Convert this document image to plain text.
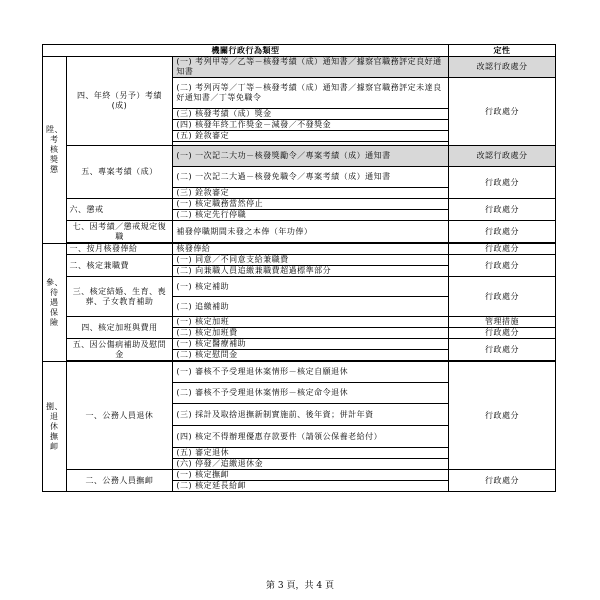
機關行政行為類型			定性
陞、考核獎懲	四、年終（另予）考績(成)	(一) 考列甲等／乙等－核發考績（成）通知書／據察官職務評定良好通知書	改認行政處分
		(二) 考列丙等／丁等－核發考績（成）通知書／據察官職務評定未達良好通知書／丁等免職令	行政處分
		(三) 核發考績（成）獎金	
		(四) 核發年終工作獎金－減發／不發獎金	
		(五) 銓敘審定	

	五、專案考績（成）	(一) 一次記二大功－核發獎勵令／專案考績（成）通知書	改認行政處分
		(二) 一次記二大過－核發免職令／專案考績（成）通知書	行政處分
		(三) 銓敘審定	
	六、懲戒	(一) 核定職務當然停止	行政處分
		(二) 核定先行停職	
	七、因考績／懲戒規定復職	補發停職期間未發之本俸（年功俸）	行政處分

參、待遇保險	一、按月核發俸給	核發俸給	行政處分
	二、核定兼職費	(一) 同意／不同意支給兼職費	行政處分
		(二) 向兼職人員追繳兼職費超過標準部分	
	三、核定結婚、生育、喪葬、子女教育補助	(一) 核定補助	行政處分
		(二) 追繳補助	
	四、核定加班與費用	(一) 核定加班	管理措施
		(二) 核定加班費	行政處分
	五、因公傷病補助及慰問金	(一) 核定醫療補助	行政處分
		(二) 核定慰問金	

捌、退休撫卹	一、公務人員退休	(一) 審核不予受理退休案情形－核定自願退休	行政處分
		(二) 審核不予受理退休案情形－核定命令退休	
		(三) 採計及取捨退撫新制實施前、後年資；併計年資	
		(四) 核定不得辦理優惠存款要件（請領公保養老給付）	
		(五) 審定退休	
		(六) 停發／追繳退休金	
	二、公務人員撫卹	(一) 核定撫卹	行政處分
		(二) 核定延長給卹	
第 3 頁，共 4 頁
